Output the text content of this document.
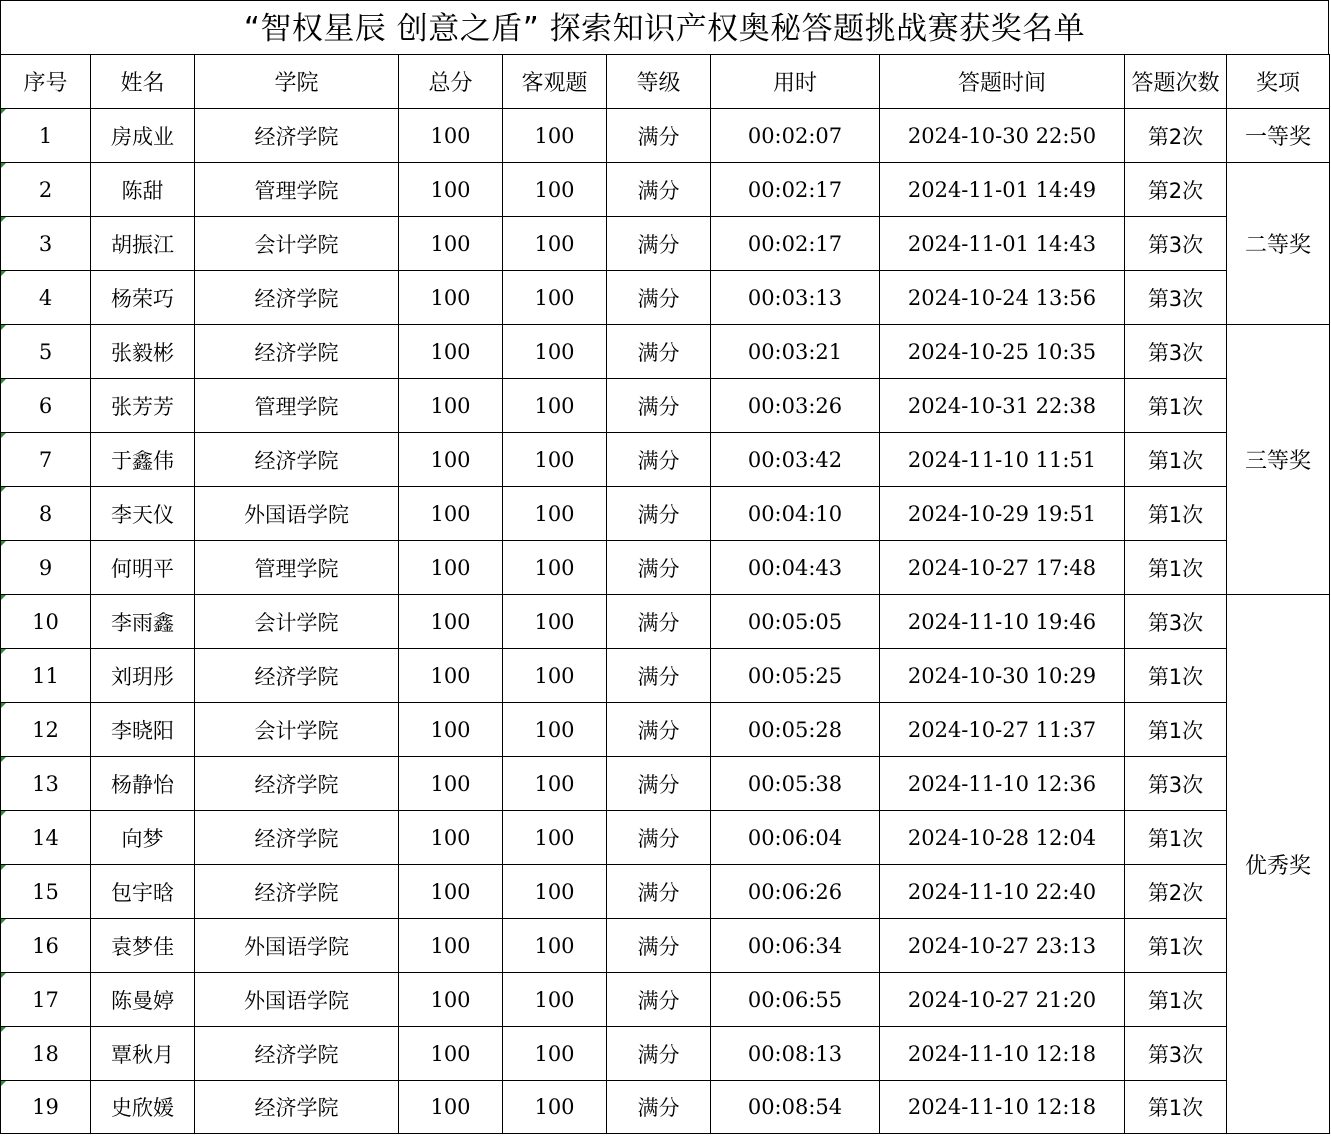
“智权星辰 创意之盾” 探索知识产权奥秘答题挑战赛获奖名单
序号	姓名	学院	总分	客观题	等级	用时	答题时间	答题次数	奖项
1	房成业	经济学院	100	100	满分	00:02:07	2024-10-30 22:50	第2次	一等奖
2	陈甜	管理学院	100	100	满分	00:02:17	2024-11-01 14:49	第2次	二等奖
3	胡振江	会计学院	100	100	满分	00:02:17	2024-11-01 14:43	第3次	
4	杨荣巧	经济学院	100	100	满分	00:03:13	2024-10-24 13:56	第3次	
5	张毅彬	经济学院	100	100	满分	00:03:21	2024-10-25 10:35	第3次	三等奖
6	张芳芳	管理学院	100	100	满分	00:03:26	2024-10-31 22:38	第1次	
7	于鑫伟	经济学院	100	100	满分	00:03:42	2024-11-10 11:51	第1次	
8	李天仪	外国语学院	100	100	满分	00:04:10	2024-10-29 19:51	第1次	
9	何明平	管理学院	100	100	满分	00:04:43	2024-10-27 17:48	第1次	
10	李雨鑫	会计学院	100	100	满分	00:05:05	2024-11-10 19:46	第3次	优秀奖
11	刘玥彤	经济学院	100	100	满分	00:05:25	2024-10-30 10:29	第1次	
12	李晓阳	会计学院	100	100	满分	00:05:28	2024-10-27 11:37	第1次	
13	杨静怡	经济学院	100	100	满分	00:05:38	2024-11-10 12:36	第3次	
14	向梦	经济学院	100	100	满分	00:06:04	2024-10-28 12:04	第1次	
15	包宇晗	经济学院	100	100	满分	00:06:26	2024-11-10 22:40	第2次	
16	袁梦佳	外国语学院	100	100	满分	00:06:34	2024-10-27 23:13	第1次	
17	陈曼婷	外国语学院	100	100	满分	00:06:55	2024-10-27 21:20	第1次	
18	覃秋月	经济学院	100	100	满分	00:08:13	2024-11-10 12:18	第3次	
19	史欣媛	经济学院	100	100	满分	00:08:54	2024-11-10 12:18	第1次	
